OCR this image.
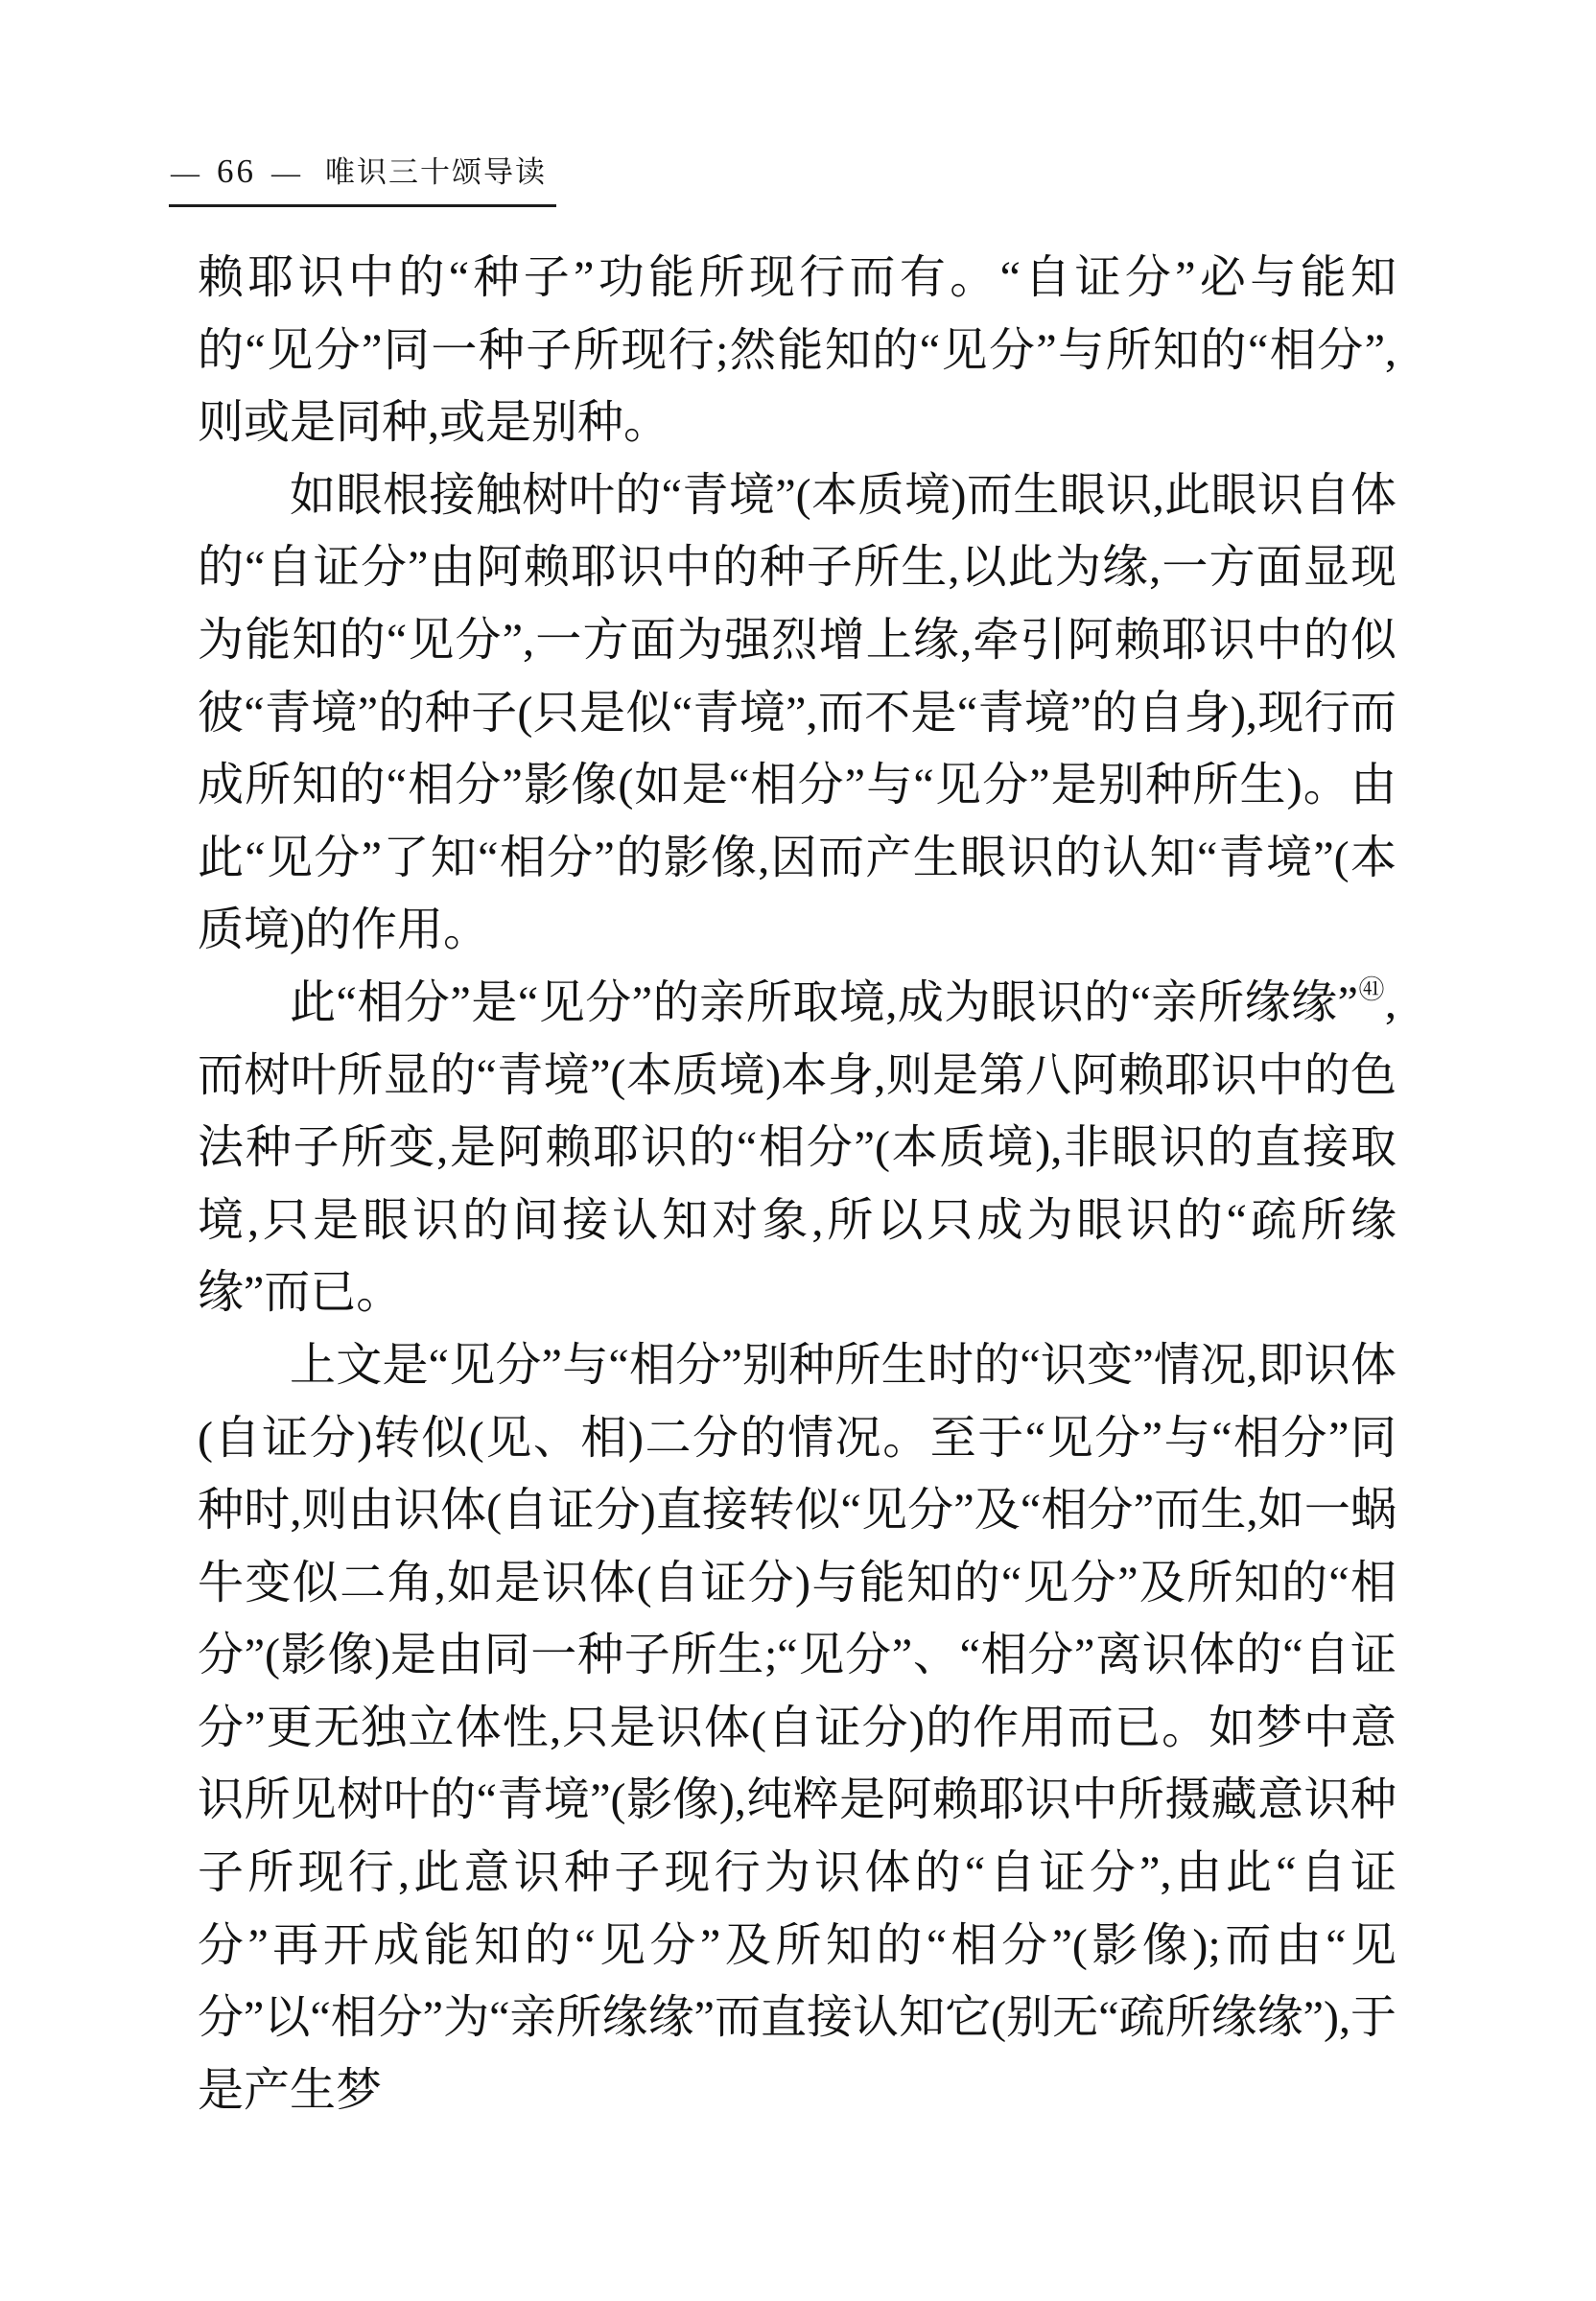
— 66 — 唯识三十颂导读

赖耶识中的“种子”功能所现行而有。“自证分”必与能知的“见分”同一种子所现行;然能知的“见分”与所知的“相分”,则或是同种,或是别种。

如眼根接触树叶的“青境”(本质境)而生眼识,此眼识自体的“自证分”由阿赖耶识中的种子所生,以此为缘,一方面显现为能知的“见分”,一方面为强烈增上缘,牵引阿赖耶识中的似彼“青境”的种子(只是似“青境”,而不是“青境”的自身),现行而成所知的“相分”影像(如是“相分”与“见分”是别种所生)。由此“见分”了知“相分”的影像,因而产生眼识的认知“青境”(本质境)的作用。

此“相分”是“见分”的亲所取境,成为眼识的“亲所缘缘”$^㊶$,而树叶所显的“青境”(本质境)本身,则是第八阿赖耶识中的色法种子所变,是阿赖耶识的“相分”(本质境),非眼识的直接取境,只是眼识的间接认知对象,所以只成为眼识的“疏所缘缘”而已。

上文是“见分”与“相分”别种所生时的“识变”情况,即识体(自证分)转似(见、相)二分的情况。至于“见分”与“相分”同种时,则由识体(自证分)直接转似“见分”及“相分”而生,如一蜗牛变似二角,如是识体(自证分)与能知的“见分”及所知的“相分”(影像)是由同一种子所生;“见分”、“相分”离识体的“自证分”更无独立体性,只是识体(自证分)的作用而已。如梦中意识所见树叶的“青境”(影像),纯粹是阿赖耶识中所摄藏意识种子所现行,此意识种子现行为识体的“自证分”,由此“自证分”再开成能知的“见分”及所知的“相分”(影像);而由“见分”以“相分”为“亲所缘缘”而直接认知它(别无“疏所缘缘”),于是产生梦
